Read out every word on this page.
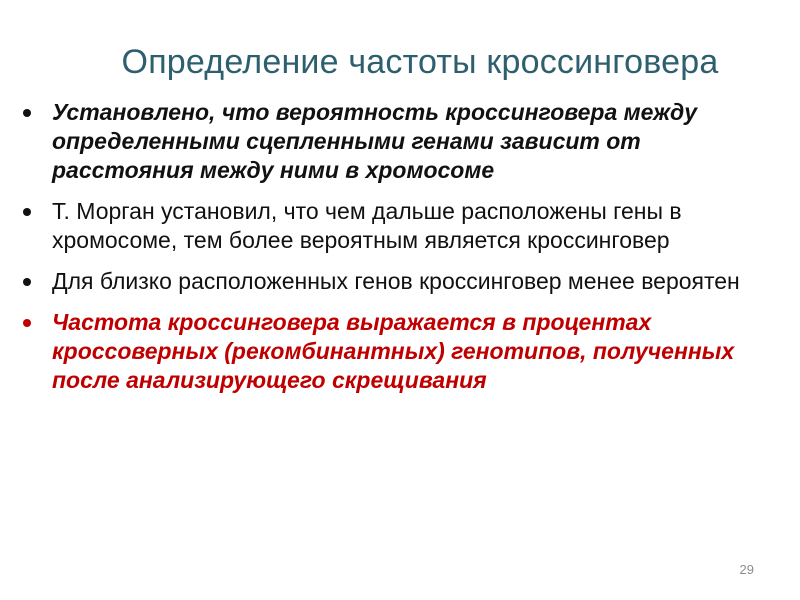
Определение частоты кроссинговера
Установлено, что вероятность кроссинговера между определенными сцепленными генами зависит от расстояния между ними в хромосоме
Т. Морган установил, что чем дальше расположены гены в хромосоме, тем более вероятным является кроссинговер
Для близко расположенных генов кроссинговер менее вероятен
Частота кроссинговера выражается в процентах кроссоверных (рекомбинантных) генотипов, полученных после анализирующего скрещивания
29
